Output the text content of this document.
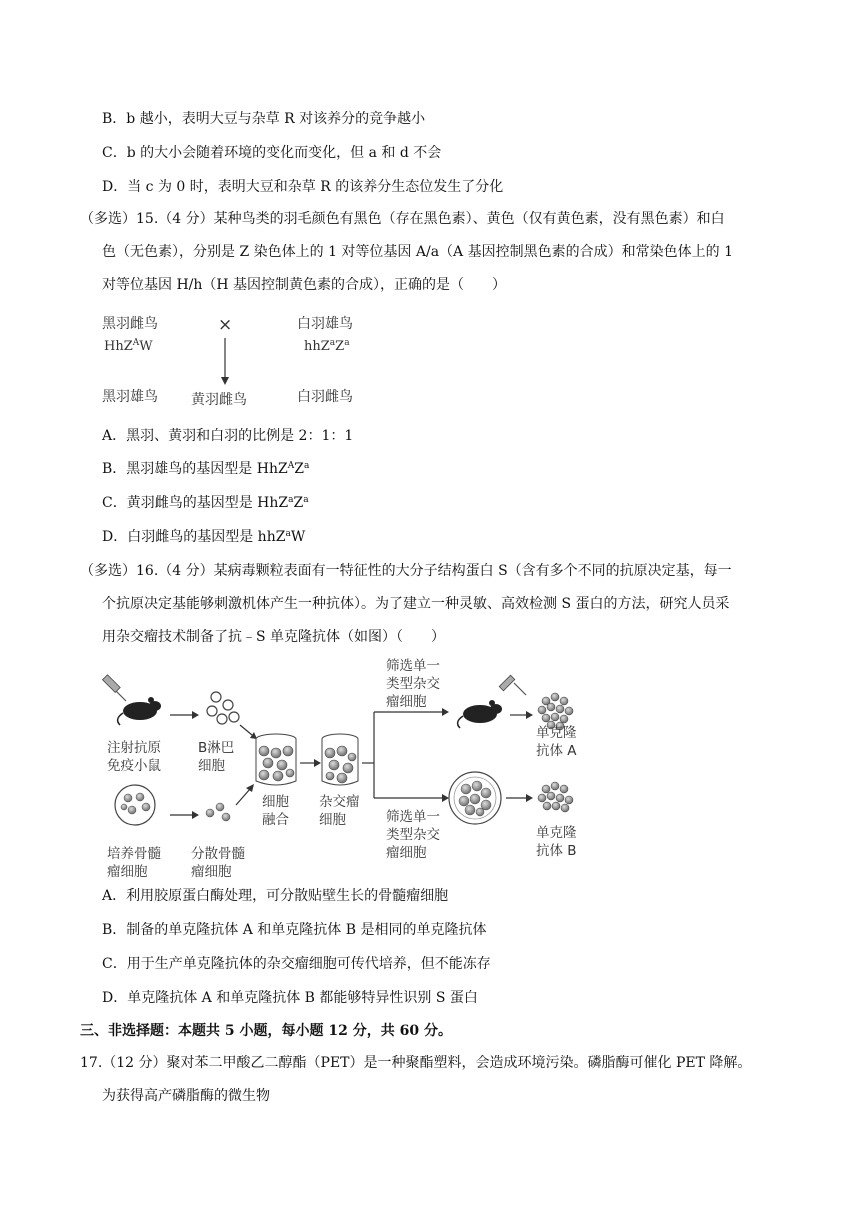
B．b 越小，表明大豆与杂草 R 对该养分的竞争越小
C．b 的大小会随着环境的变化而变化，但 a 和 d 不会
D．当 c 为 0 时，表明大豆和杂草 R 的该养分生态位发生了分化
（多选）15.（4 分）某种鸟类的羽毛颜色有黑色（存在黑色素）、黄色（仅有黄色素，没有黑色素）和白
色（无色素），分别是 Z 染色体上的 1 对等位基因 A/a（A 基因控制黑色素的合成）和常染色体上的 1
对等位基因 H/h（H 基因控制黄色素的合成），正确的是（　　）
黑羽雌鸟
HhZ$^A$W
×	白羽雄鸟
$hhZ^aZ^a$
黑羽雄鸟 黄羽雌鸟	白羽雌鸟
A．黑羽、黄羽和白羽的比例是 2：1：1
B．黑羽雄鸟的基因型是 $HhZ^AZ^a$
C．黄羽雌鸟的基因型是 $HhZ^aZ^a$
D．白羽雌鸟的基因型是 hhZ$^a$W
（多选）16.（4 分）某病毒颗粒表面有一特征性的大分子结构蛋白 S（含有多个不同的抗原决定基，每一
个抗原决定基能够刺激机体产生一种抗体）。为了建立一种灵敏、高效检测 S 蛋白的方法，研究人员采
用杂交瘤技术制备了抗﹣S 单克隆抗体（如图）（　　）
注射抗原
免疫小鼠
B淋巴
细胞
细胞
融合
杂交瘤
细胞
筛选单一
类型杂交
瘤细胞
筛选单一
类型杂交
瘤细胞
单克隆
抗体 A
单克隆
抗体 B
培养骨髓
瘤细胞
分散骨髓
瘤细胞
A．利用胶原蛋白酶处理，可分散贴壁生长的骨髓瘤细胞
B．制备的单克隆抗体 A 和单克隆抗体 B 是相同的单克隆抗体
C．用于生产单克隆抗体的杂交瘤细胞可传代培养，但不能冻存
D．单克隆抗体 A 和单克隆抗体 B 都能够特异性识别 S 蛋白
三、非选择题：本题共 5 小题，每小题 12 分，共 60 分。
17.（12 分）聚对苯二甲酸乙二醇酯（PET）是一种聚酯塑料，会造成环境污染。磷脂酶可催化 PET 降解。
为获得高产磷脂酶的微生物
